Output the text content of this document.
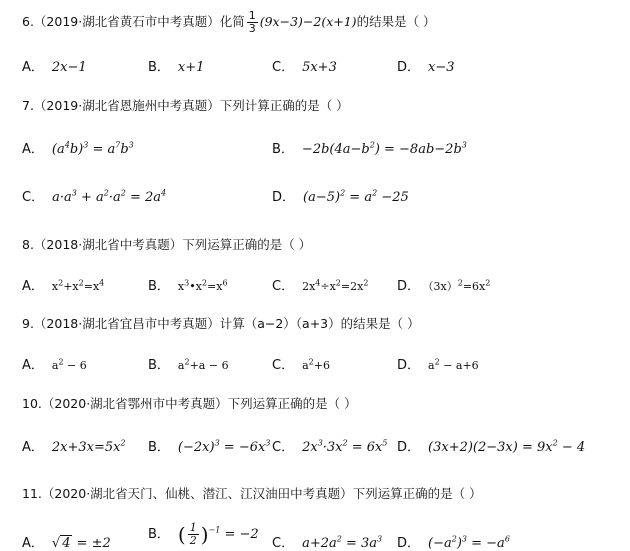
6.（2019·湖北省黄石市中考真题）化简 $\frac{1}{3} (9x-3)-2(x+1)$的结果是（ ）
A． 2x−1	B． x+1	C． 5x+3	D． x−3
7.（2019·湖北省恩施州中考真题）下列计算正确的是（ ）
A． $(a^4b)^3 = a^7b^3$	B． $-2b(4a-b^2) = -8ab-2b^3$
C． $a\cdot a^3 + a^2\cdot a^2 = 2a^4$	D． $(a-5)^2 = a^2 -25$
8.（2018·湖北省中考真题）下列运算正确的是（ ）
A． $x^2+x^2=x^4$	B． $x^3•x^2=x^6$	C． $2x^4\div x^2=2x^2$ D． $(3x)^2=6x^2$
9.（2018·湖北省宜昌市中考真题）计算（a−2）（a+3）的结果是（ ）
A． $a^2 - 6$	B． $a^2+a - 6$	C． $a^2+6$	D． $a^2 - a+6$
10.（2020·湖北省鄂州市中考真题）下列运算正确的是（ ）
A． $2x+3x=5x^2$ B． $(-2x)^3 = -6x^3$ C． $2x^3\cdot 3x^2 = 6x^5$ D． $(3x+2)(2-3x) = 9x^2 - 4$
11.（2020·湖北省天门、仙桃、潜江、江汉油田中考真题）下列运算正确的是（ ）
A． √ 4 = ±2
B． ( $\frac{1}{2} )^{-1} = -2$
C． $a+2a^2 = 3a^3$ D． $(-a^2)^3 = -a^6$
